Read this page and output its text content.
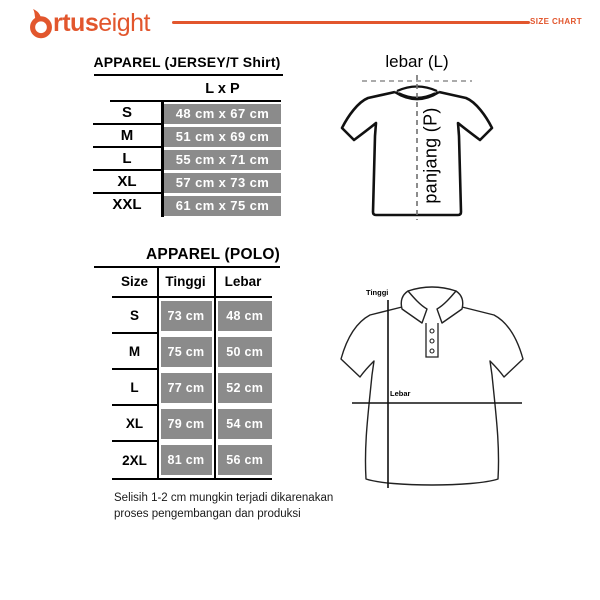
rtus eight	SIZE CHART
APPAREL (JERSEY/T Shirt)
L x P
S	48 cm x 67 cm
M	51 cm x 69 cm
L	55 cm x 71 cm
XL	57 cm x 73 cm
XXL	61 cm x 75 cm
lebar (L)
panjang (P)
APPAREL (POLO)
Size	Tinggi	Lebar
S	73 cm	48 cm
M	75 cm	50 cm
L	77 cm	52 cm
XL	79 cm	54 cm
2XL	81 cm	56 cm
Tinggi
Lebar
Selisih 1-2 cm mungkin terjadi dikarenakan
proses pengembangan dan produksi
